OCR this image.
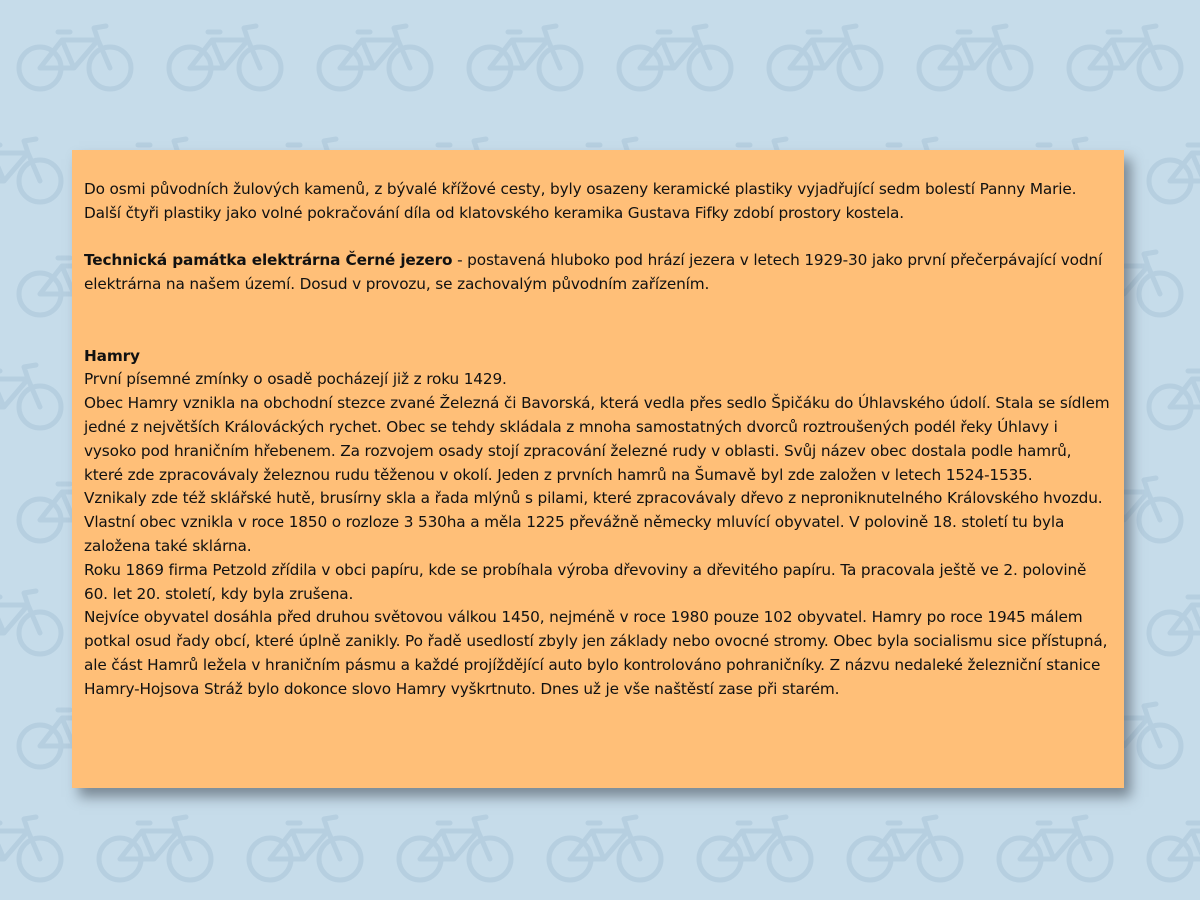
Do osmi původních žulových kamenů, z bývalé křížové cesty, byly osazeny keramické plastiky vyjadřující sedm bolestí Panny Marie. Další čtyři plastiky jako volné pokračování díla od klatovského keramika Gustava Fifky zdobí prostory kostela.

Technická památka elektrárna Černé jezero - postavená hluboko pod hrází jezera v letech 1929-30 jako první přečerpávající vodní elektrárna na našem území. Dosud v provozu, se zachovalým původním zařízením.

Hamry

První písemné zmínky o osadě pocházejí již z roku 1429.

Obec Hamry vznikla na obchodní stezce zvané Železná či Bavorská, která vedla přes sedlo Špičáku do Úhlavského údolí. Stala se sídlem jedné z největších Králováckých rychet. Obec se tehdy skládala z mnoha samostatných dvorců roztroušených podél řeky Úhlavy i vysoko pod hraničním hřebenem. Za rozvojem osady stojí zpracování železné rudy v oblasti. Svůj název obec dostala podle hamrů, které zde zpracovávaly železnou rudu těženou v okolí. Jeden z prvních hamrů na Šumavě byl zde založen v letech 1524-1535.

Vznikaly zde též sklářské hutě, brusírny skla a řada mlýnů s pilami, které zpracovávaly dřevo z neproniknutelného Královského hvozdu. Vlastní obec vznikla v roce 1850 o rozloze 3 530ha a měla 1225 převážně německy mluvící obyvatel. V polovině 18. století tu byla založena také sklárna.

Roku 1869 firma Petzold zřídila v obci papíru, kde se probíhala výroba dřevoviny a dřevitého papíru. Ta pracovala ještě ve 2. polovině 60. let 20. století, kdy byla zrušena.

Nejvíce obyvatel dosáhla před druhou světovou válkou 1450, nejméně v roce 1980 pouze 102 obyvatel. Hamry po roce 1945 málem potkal osud řady obcí, které úplně zanikly. Po řadě usedlostí zbyly jen základy nebo ovocné stromy. Obec byla socialismu sice přístupná, ale část Hamrů ležela v hraničním pásmu a každé projíždějící auto bylo kontrolováno pohraničníky. Z názvu nedaleké železniční stanice Hamry-Hojsova Stráž bylo dokonce slovo Hamry vyškrtnuto. Dnes už je vše naštěstí zase při starém.
